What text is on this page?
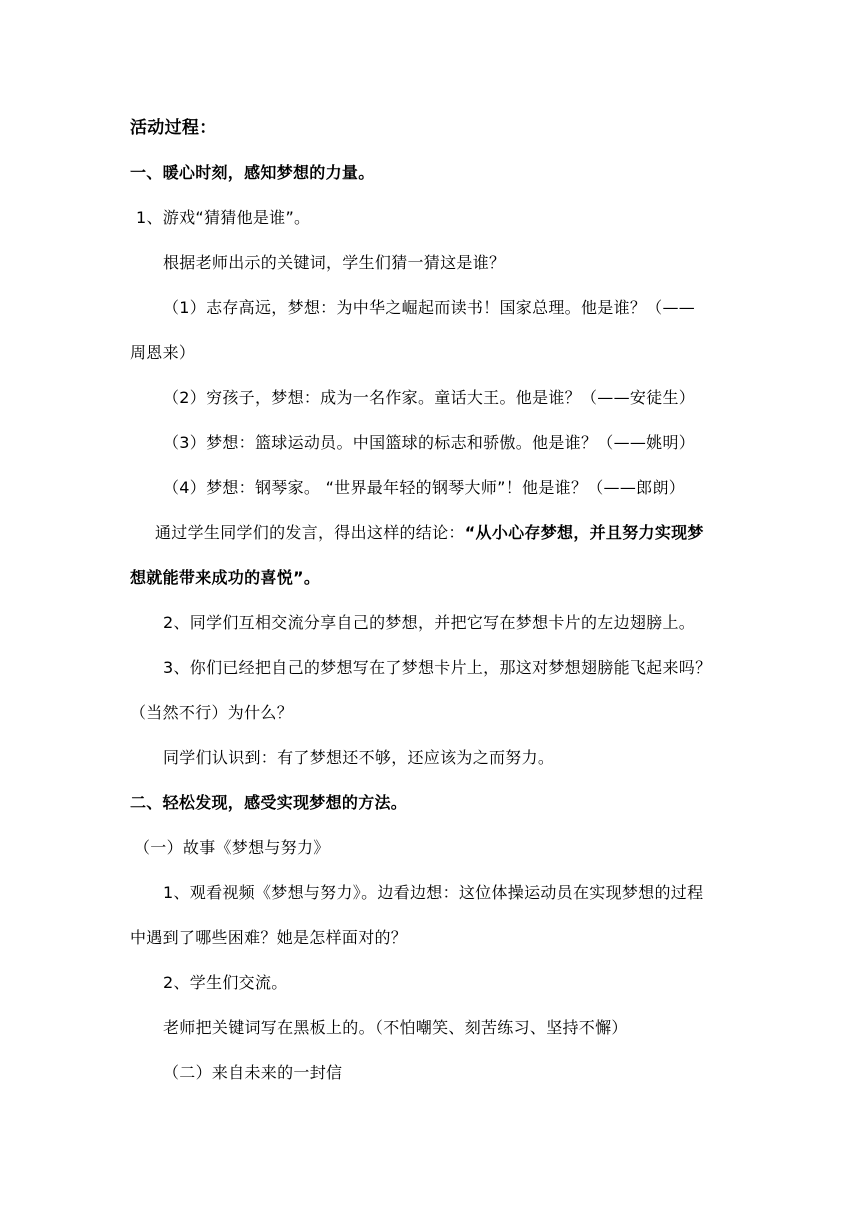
活动过程：
一、暖心时刻，感知梦想的力量。
1、游戏“猜猜他是谁”。
根据老师出示的关键词，学生们猜一猜这是谁？
（1）志存高远，梦想：为中华之崛起而读书！国家总理。他是谁？（——
周恩来）
（2）穷孩子，梦想：成为一名作家。童话大王。他是谁？（——安徒生）
（3）梦想：篮球运动员。中国篮球的标志和骄傲。他是谁？（——姚明）
（4）梦想：钢琴家。 “世界最年轻的钢琴大师”！他是谁？（——郎朗）
通过学生同学们的发言，得出这样的结论：“从小心存梦想，并且努力实现梦
想就能带来成功的喜悦”。
2、同学们互相交流分享自己的梦想，并把它写在梦想卡片的左边翅膀上。
3、你们已经把自己的梦想写在了梦想卡片上，那这对梦想翅膀能飞起来吗？
（当然不行）为什么？
同学们认识到：有了梦想还不够，还应该为之而努力。
二、轻松发现，感受实现梦想的方法。
（一）故事《梦想与努力》
1、观看视频《梦想与努力》。边看边想：这位体操运动员在实现梦想的过程
中遇到了哪些困难？她是怎样面对的？
2、学生们交流。
老师把关键词写在黑板上的。（不怕嘲笑、刻苦练习、坚持不懈）
（二）来自未来的一封信
